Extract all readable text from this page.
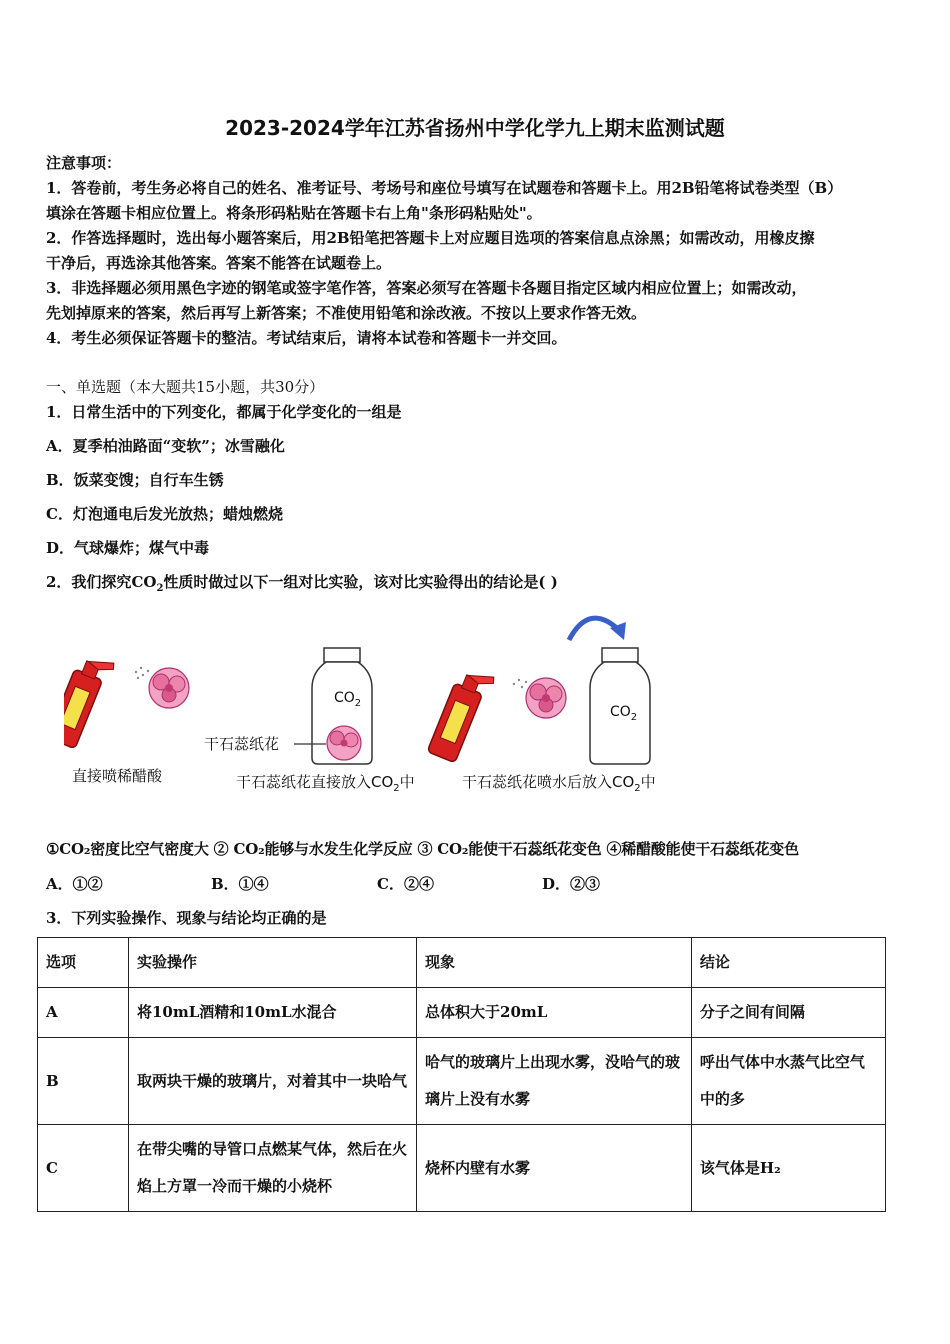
2023-2024学年江苏省扬州中学化学九上期末监测试题
注意事项：
1．答卷前，考生务必将自己的姓名、准考证号、考场号和座位号填写在试题卷和答题卡上。用2B铅笔将试卷类型（B）
填涂在答题卡相应位置上。将条形码粘贴在答题卡右上角"条形码粘贴处"。
2．作答选择题时，选出每小题答案后，用2B铅笔把答题卡上对应题目选项的答案信息点涂黑；如需改动，用橡皮擦
干净后，再选涂其他答案。答案不能答在试题卷上。
3．非选择题必须用黑色字迹的钢笔或签字笔作答，答案必须写在答题卡各题目指定区域内相应位置上；如需改动，
先划掉原来的答案，然后再写上新答案；不准使用铅笔和涂改液。不按以上要求作答无效。
4．考生必须保证答题卡的整洁。考试结束后，请将本试卷和答题卡一并交回。
一、单选题（本大题共15小题，共30分）
1．日常生活中的下列变化，都属于化学变化的一组是
A．夏季柏油路面“变软”；冰雪融化
B．饭菜变馊；自行车生锈
C．灯泡通电后发光放热；蜡烛燃烧
D．气球爆炸；煤气中毒
2．我们探究$CO_2$性质时做过以下一组对比实验，该对比实验得出的结论是( )
$CO_2$
$CO_2$
干石蕊纸花
直接喷稀醋酸	干石蕊纸花直接放入$CO_2$中	干石蕊纸花喷水后放入$CO_2$中
①CO₂密度比空气密度大 ② CO₂能够与水发生化学反应 ③ CO₂能使干石蕊纸花变色 ④稀醋酸能使干石蕊纸花变色
A．①②	B．①④	C．②④	D．②③
3．下列实验操作、现象与结论均正确的是
选项	实验操作	现象	结论
A	将10mL酒精和10mL水混合	总体积大于20mL	分子之间有间隔
B	取两块干燥的玻璃片，对着其中一块哈气	哈气的玻璃片上出现水雾，没哈气的玻璃片上没有水雾	呼出气体中水蒸气比空气中的多
C	在带尖嘴的导管口点燃某气体，然后在火焰上方罩一冷而干燥的小烧杯	烧杯内壁有水雾	该气体是H₂
